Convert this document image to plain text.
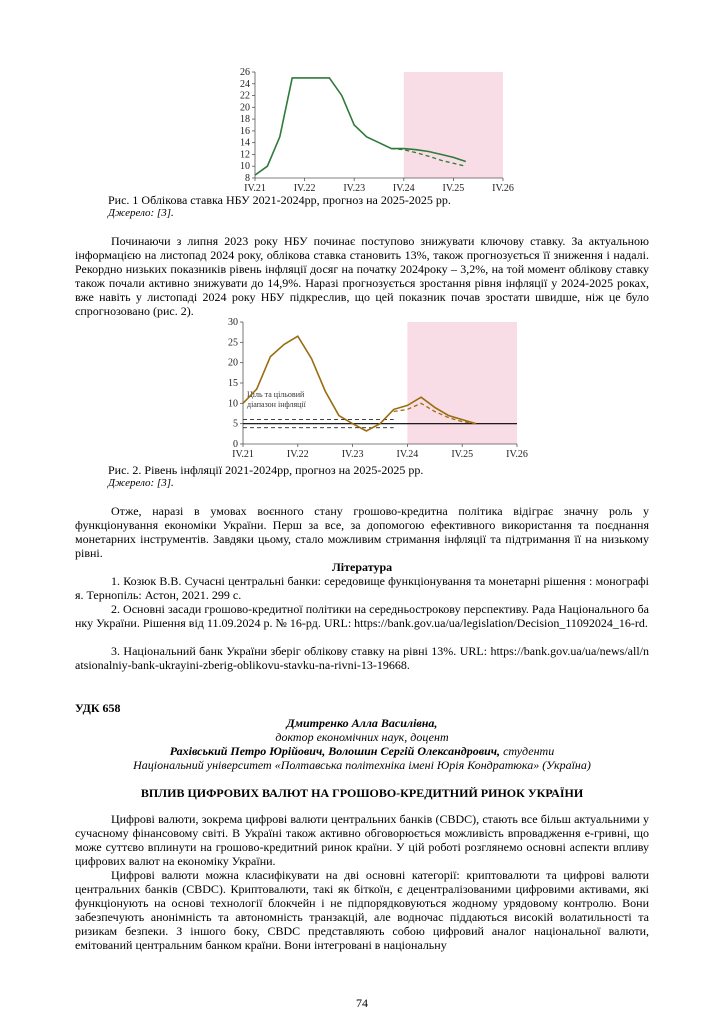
8
10
12
14
16
18
20
22
24
26
IV.21	IV.22	IV.23	IV.24	IV.25	IV.26
Рис. 1 Облікова ставка НБУ 2021-2024рр, прогноз на 2025-2025 рр.
Джерело: [3].
Починаючи з липня 2023 року НБУ починає поступово знижувати ключову ставку. За актуальною інформацією на листопад 2024 року, облікова ставка становить 13%, також прогнозується її зниження і надалі. Рекордно низьких показників рівень інфляції досяг на початку 2024року – 3,2%, на той момент облікову ставку також почали активно знижувати до 14,9%. Наразі прогнозується зростання рівня інфляції у 2024-2025 роках, вже навіть у листопаді 2024 року НБУ підкреслив, що цей показник почав зростати швидше, ніж це було спрогнозовано (рис. 2).
0
5
10
15
20
25
30
IV.21	IV.22	IV.23	IV.24	IV.25	IV.26
Ціль та цільовий
діапазон інфляції
Рис. 2. Рівень інфляції 2021-2024рр, прогноз на 2025-2025 рр.
Джерело: [3].
Отже, наразі в умовах воєнного стану грошово-кредитна політика відіграє значну роль у функціонування економіки України. Перш за все, за допомогою ефективного використання та поєднання монетарних інструментів. Завдяки цьому, стало можливим стримання інфляції та підтримання її на низькому рівні.
Література
1. Козюк В.В. Сучасні центральні банки: середовище функціонування та монетарні рішення : монографія. Тернопіль: Астон, 2021. 299 с.
2. Основні засади грошово-кредитної політики на середньострокову перспективу. Рада Національного банку України. Рішення від 11.09.2024 р. № 16-рд. URL: https://bank.gov.ua/ua/legislation/Decision_11092024_16-rd.
3. Національний банк України зберіг облікову ставку на рівні 13%. URL: https://bank.gov.ua/ua/news/all/natsionalniy-bank-ukrayini-zberig-oblikovu-stavku-na-rivni-13-19668.
УДК 658
Дмитренко Алла Василівна,
доктор економічних наук, доцент
Рахівський Петро Юрійович, Волошин Сергій Олександрович, студенти
Національний університет «Полтавська політехніка імені Юрія Кондратюка» (Україна)
ВПЛИВ ЦИФРОВИХ ВАЛЮТ НА ГРОШОВО-КРЕДИТНИЙ РИНОК УКРАЇНИ
Цифрові валюти, зокрема цифрові валюти центральних банків (CBDC), стають все більш актуальними у сучасному фінансовому світі. В Україні також активно обговорюється можливість впровадження е-гривні, що може суттєво вплинути на грошово-кредитний ринок країни. У цій роботі розглянемо основні аспекти впливу цифрових валют на економіку України.
Цифрові валюти можна класифікувати на дві основні категорії: криптовалюти та цифрові валюти центральних банків (CBDC). Криптовалюти, такі як біткоїн, є децентралізованими цифровими активами, які функціонують на основі технології блокчейн і не підпорядковуються жодному урядовому контролю. Вони забезпечують анонімність та автономність транзакцій, але водночас піддаються високій волатильності та ризикам безпеки. З іншого боку, CBDC представляють собою цифровий аналог національної валюти, емітований центральним банком країни. Вони інтегровані в національну
74
